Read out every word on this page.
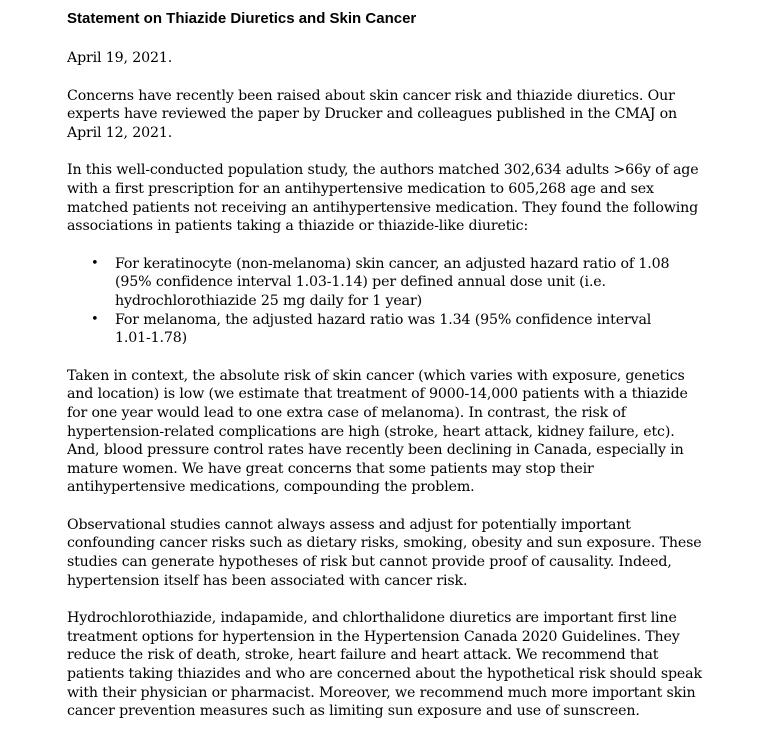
Statement on Thiazide Diuretics and Skin Cancer

April 19, 2021.

Concerns have recently been raised about skin cancer risk and thiazide diuretics. Our experts have reviewed the paper by Drucker and colleagues published in the CMAJ on April 12, 2021.

In this well-conducted population study, the authors matched 302,634 adults >66y of age with a first prescription for an antihypertensive medication to 605,268 age and sex matched patients not receiving an antihypertensive medication. They found the following associations in patients taking a thiazide or thiazide-like diuretic:

• For keratinocyte (non-melanoma) skin cancer, an adjusted hazard ratio of 1.08 (95% confidence interval 1.03-1.14) per defined annual dose unit (i.e. hydrochlorothiazide 25 mg daily for 1 year)
• For melanoma, the adjusted hazard ratio was 1.34 (95% confidence interval 1.01-1.78)

Taken in context, the absolute risk of skin cancer (which varies with exposure, genetics and location) is low (we estimate that treatment of 9000-14,000 patients with a thiazide for one year would lead to one extra case of melanoma). In contrast, the risk of hypertension-related complications are high (stroke, heart attack, kidney failure, etc). And, blood pressure control rates have recently been declining in Canada, especially in mature women. We have great concerns that some patients may stop their antihypertensive medications, compounding the problem.

Observational studies cannot always assess and adjust for potentially important confounding cancer risks such as dietary risks, smoking, obesity and sun exposure. These studies can generate hypotheses of risk but cannot provide proof of causality. Indeed, hypertension itself has been associated with cancer risk.

Hydrochlorothiazide, indapamide, and chlorthalidone diuretics are important first line treatment options for hypertension in the Hypertension Canada 2020 Guidelines. They reduce the risk of death, stroke, heart failure and heart attack. We recommend that patients taking thiazides and who are concerned about the hypothetical risk should speak with their physician or pharmacist. Moreover, we recommend much more important skin cancer prevention measures such as limiting sun exposure and use of sunscreen.
